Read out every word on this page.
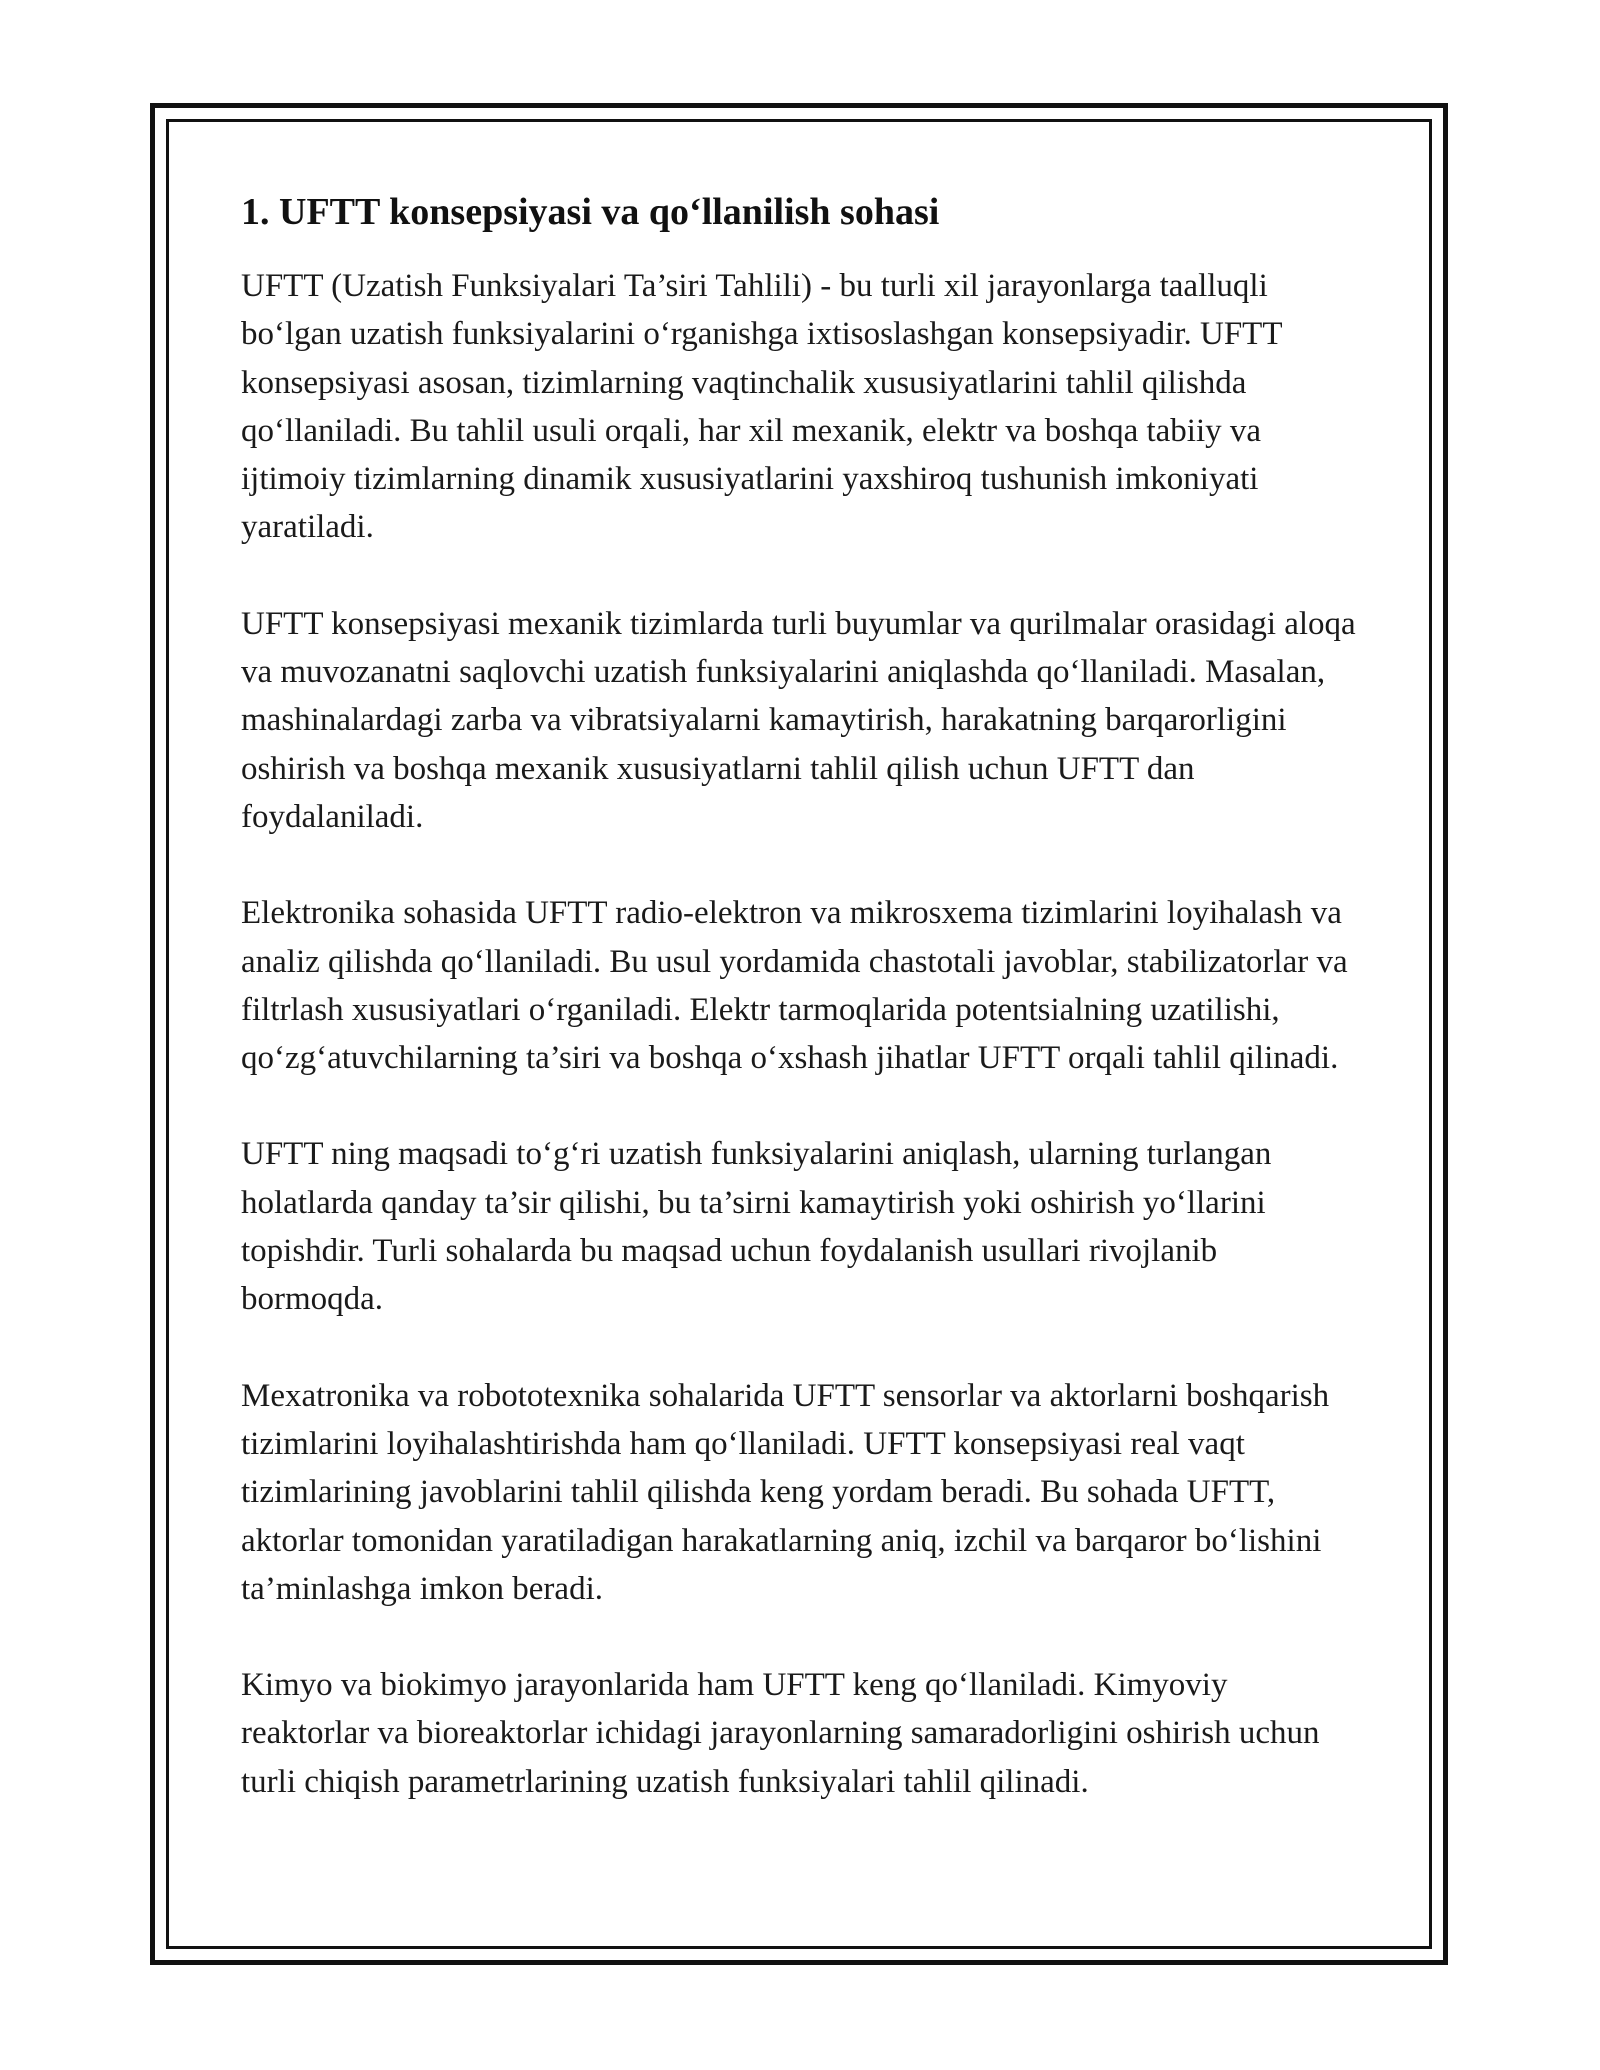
1. UFTT konsepsiyasi va qo‘llanilish sohasi

UFTT (Uzatish Funksiyalari Ta’siri Tahlili) - bu turli xil jarayonlarga taalluqli bo‘lgan uzatish funksiyalarini o‘rganishga ixtisoslashgan konsepsiyadir. UFTT konsepsiyasi asosan, tizimlarning vaqtinchalik xususiyatlarini tahlil qilishda qo‘llaniladi. Bu tahlil usuli orqali, har xil mexanik, elektr va boshqa tabiiy va ijtimoiy tizimlarning dinamik xususiyatlarini yaxshiroq tushunish imkoniyati yaratiladi.

UFTT konsepsiyasi mexanik tizimlarda turli buyumlar va qurilmalar orasidagi aloqa va muvozanatni saqlovchi uzatish funksiyalarini aniqlashda qo‘llaniladi. Masalan, mashinalardagi zarba va vibratsiyalarni kamaytirish, harakatning barqarorligini oshirish va boshqa mexanik xususiyatlarni tahlil qilish uchun UFTT dan foydalaniladi.

Elektronika sohasida UFTT radio-elektron va mikrosxema tizimlarini loyihalash va analiz qilishda qo‘llaniladi. Bu usul yordamida chastotali javoblar, stabilizatorlar va filtrlash xususiyatlari o‘rganiladi. Elektr tarmoqlarida potentsialning uzatilishi, qo‘zg‘atuvchilarning ta’siri va boshqa o‘xshash jihatlar UFTT orqali tahlil qilinadi.

UFTT ning maqsadi to‘g‘ri uzatish funksiyalarini aniqlash, ularning turlangan holatlarda qanday ta’sir qilishi, bu ta’sirni kamaytirish yoki oshirish yo‘llarini topishdir. Turli sohalarda bu maqsad uchun foydalanish usullari rivojlanib bormoqda.

Mexatronika va robototexnika sohalarida UFTT sensorlar va aktorlarni boshqarish tizimlarini loyihalashtirishda ham qo‘llaniladi. UFTT konsepsiyasi real vaqt tizimlarining javoblarini tahlil qilishda keng yordam beradi. Bu sohada UFTT, aktorlar tomonidan yaratiladigan harakatlarning aniq, izchil va barqaror bo‘lishini ta’minlashga imkon beradi.

Kimyo va biokimyo jarayonlarida ham UFTT keng qo‘llaniladi. Kimyoviy reaktorlar va bioreaktorlar ichidagi jarayonlarning samaradorligini oshirish uchun turli chiqish parametrlarining uzatish funksiyalari tahlil qilinadi.
